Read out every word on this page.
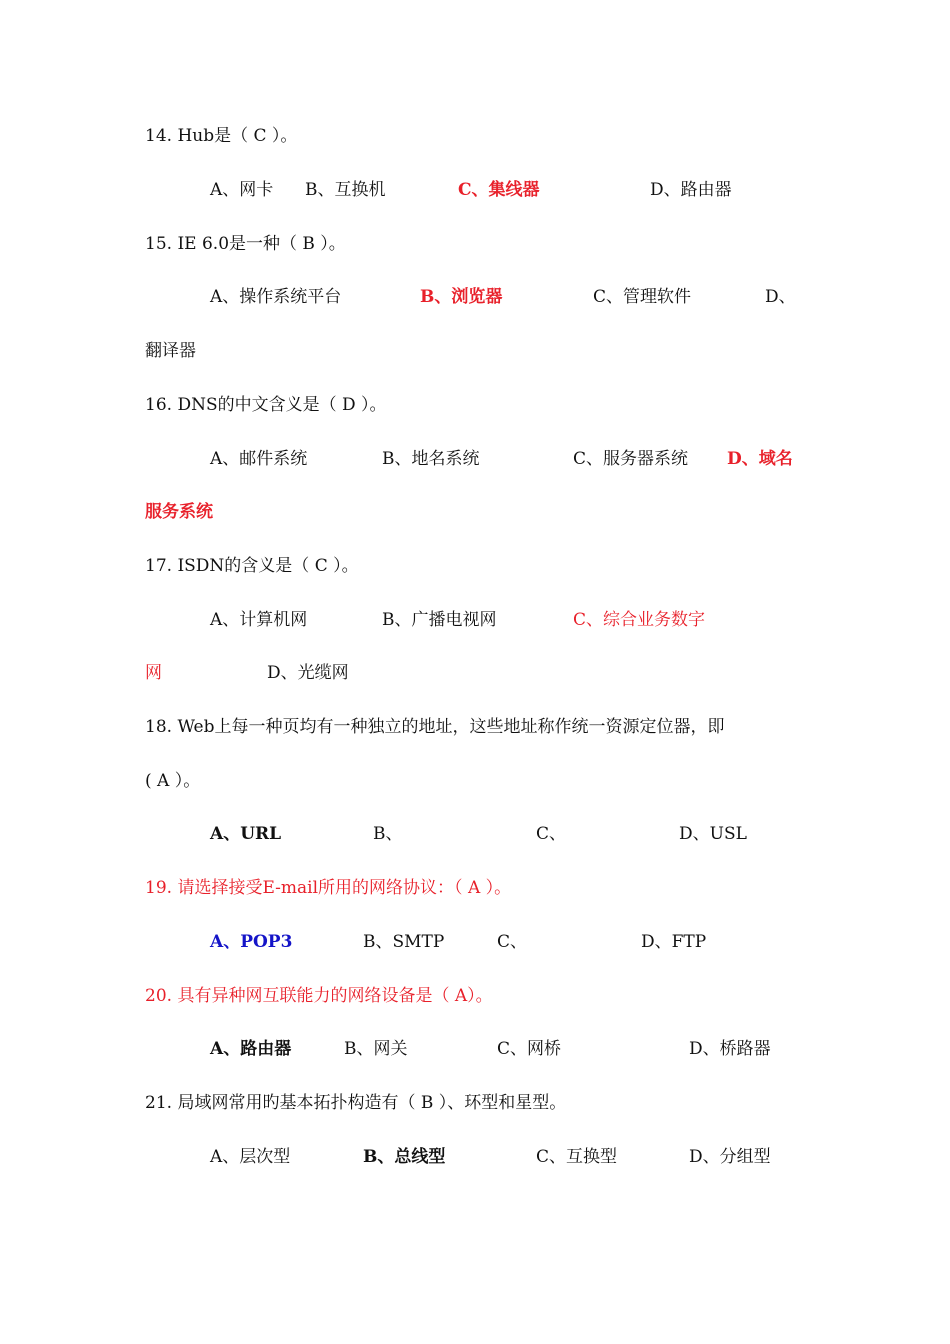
14. Hub是（ C ）。
A、网卡 B、互换机	C、集线器	D、路由器
15. IE 6.0是一种（ B ）。
A、操作系统平台	B、浏览器	C、管理软件	D、
翻译器
16. DNS的中文含义是（ D ）。
A、邮件系统	B、地名系统	C、服务器系统 D、域名
服务系统
17. ISDN的含义是（ C ）。
A、计算机网	B、广播电视网	C、综合业务数字
网	D、光缆网
18. Web上每一种页均有一种独立的地址，这些地址称作统一资源定位器，即
( A ）。
A、URL	B、	C、	D、USL
19. 请选择接受E-mail所用的网络协议：（ A ）。
A、POP3	B、SMTP	C、	D、FTP
20. 具有异种网互联能力的网络设备是（ A）。
A、路由器	B、网关	C、网桥	D、桥路器
21. 局域网常用旳基本拓扑构造有（ B ）、环型和星型。
A、层次型	B、总线型	C、互换型	D、分组型
